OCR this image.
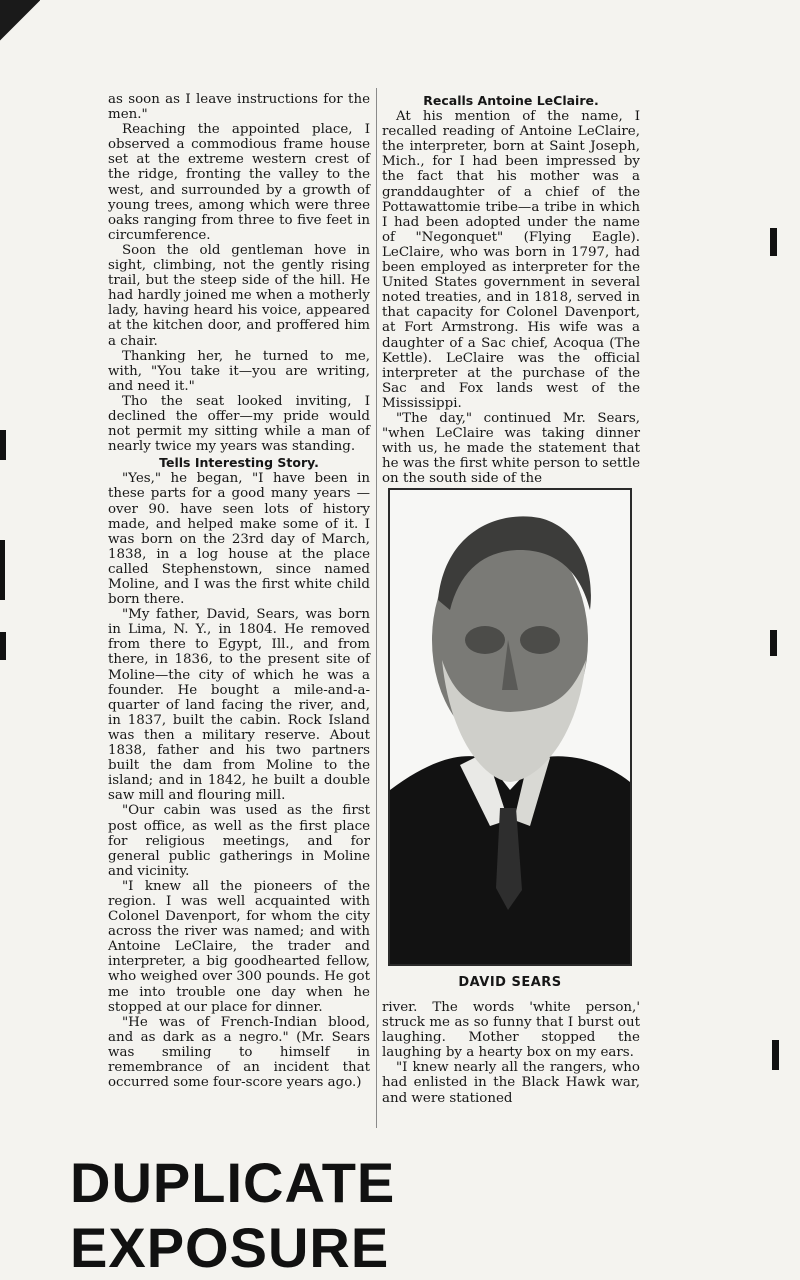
as soon as I leave instructions for the men."

Reaching the appointed place, I observed a commodious frame house set at the extreme western crest of the ridge, fronting the valley to the west, and surrounded by a growth of young trees, among which were three oaks ranging from three to five feet in circumference.

Soon the old gentleman hove in sight, climbing, not the gently rising trail, but the steep side of the hill. He had hardly joined me when a motherly lady, having heard his voice, appeared at the kitchen door, and proffered him a chair.

Thanking her, he turned to me, with, "You take it—you are writing, and need it."

Tho the seat looked inviting, I declined the offer—my pride would not permit my sitting while a man of nearly twice my years was standing.

Tells Interesting Story.

"Yes," he began, "I have been in these parts for a good many years —over 90. have seen lots of history made, and helped make some of it. I was born on the 23rd day of March, 1838, in a log house at the place called Stephenstown, since named Moline, and I was the first white child born there.

"My father, David, Sears, was born in Lima, N. Y., in 1804. He removed from there to Egypt, Ill., and from there, in 1836, to the present site of Moline—the city of which he was a founder. He bought a mile-and-a-quarter of land facing the river, and, in 1837, built the cabin. Rock Island was then a military reserve. About 1838, father and his two partners built the dam from Moline to the island; and in 1842, he built a double saw mill and flouring mill.

"Our cabin was used as the first post office, as well as the first place for religious meetings, and for general public gatherings in Moline and vicinity.

"I knew all the pioneers of the region. I was well acquainted with Colonel Davenport, for whom the city across the river was named; and with Antoine LeClaire, the trader and interpreter, a big goodhearted fellow, who weighed over 300 pounds. He got me into trouble one day when he stopped at our place for dinner.

"He was of French-Indian blood, and as dark as a negro." (Mr. Sears was smiling to himself in remembrance of an incident that occurred some four-score years ago.)

Recalls Antoine LeClaire.

At his mention of the name, I recalled reading of Antoine LeClaire, the interpreter, born at Saint Joseph, Mich., for I had been impressed by the fact that his mother was a granddaughter of a chief of the Pottawattomie tribe—a tribe in which I had been adopted under the name of "Negonquet" (Flying Eagle). LeClaire, who was born in 1797, had been employed as interpreter for the United States government in several noted treaties, and in 1818, served in that capacity for Colonel Davenport, at Fort Armstrong. His wife was a daughter of a Sac chief, Acoqua (The Kettle). LeClaire was the official interpreter at the purchase of the Sac and Fox lands west of the Mississippi.

"The day," continued Mr. Sears, "when LeClaire was taking dinner with us, he made the statement that he was the first white person to settle on the south side of the

DAVID SEARS

river. The words 'white person,' struck me as so funny that I burst out laughing. Mother stopped the laughing by a hearty box on my ears.

"I knew nearly all the rangers, who had enlisted in the Black Hawk war, and were stationed

DUPLICATE EXPOSURE
